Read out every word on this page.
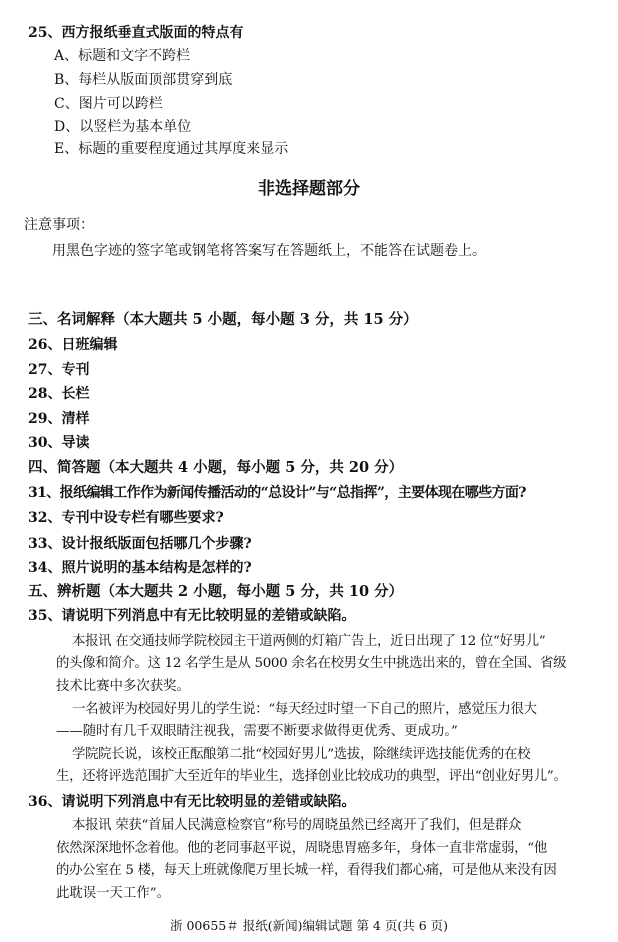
25、西方报纸垂直式版面的特点有
A、标题和文字不跨栏
B、每栏从版面顶部贯穿到底
C、图片可以跨栏
D、以竖栏为基本单位
E、标题的重要程度通过其厚度来显示
非选择题部分
注意事项：
用黑色字迹的签字笔或钢笔将答案写在答题纸上，不能答在试题卷上。
三、名词解释（本大题共 5 小题，每小题 3 分，共 15 分）
26、日班编辑
27、专刊
28、长栏
29、清样
30、导读
四、简答题（本大题共 4 小题，每小题 5 分，共 20 分）
31、报纸编辑工作作为新闻传播活动的“总设计”与“总指挥”，主要体现在哪些方面?
32、专刊中设专栏有哪些要求?
33、设计报纸版面包括哪几个步骤?
34、照片说明的基本结构是怎样的?
五、辨析题（本大题共 2 小题，每小题 5 分，共 10 分）
35、请说明下列消息中有无比较明显的差错或缺陷。
本报讯 在交通技师学院校园主干道两侧的灯箱广告上，近日出现了 12 位“好男儿”
的头像和简介。这 12 名学生是从 5000 余名在校男女生中挑选出来的，曾在全国、省级
技术比赛中多次获奖。
一名被评为校园好男儿的学生说：“每天经过时望一下自己的照片，感觉压力很大
——随时有几千双眼睛注视我，需要不断要求做得更优秀、更成功。”
学院院长说，该校正酝酿第二批“校园好男儿”选拔，除继续评选技能优秀的在校
生，还将评选范围扩大至近年的毕业生，选择创业比较成功的典型，评出“创业好男儿”。
36、请说明下列消息中有无比较明显的差错或缺陷。
本报讯 荣获“首届人民满意检察官”称号的周晓虽然已经离开了我们，但是群众
依然深深地怀念着他。他的老同事赵平说，周晓患胃癌多年，身体一直非常虚弱，“他
的办公室在 5 楼，每天上班就像爬万里长城一样，看得我们都心痛，可是他从来没有因
此耽误一天工作”。
浙 00655＃ 报纸(新闻)编辑试题 第 4 页(共 6 页)
